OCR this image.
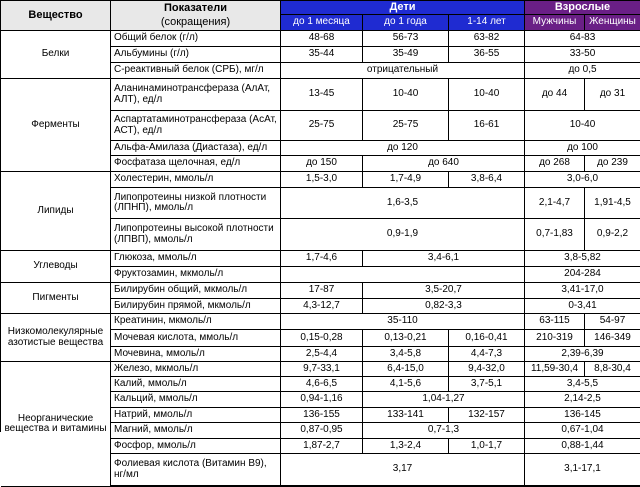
Вещество
Показатели
(сокращения)
Дети	Взрослые
до 1 месяца	до 1 года	1-14 лет	Мужчины	Женщины
Белки
Общий белок (г/л)	48-68	56-73	63-82	64-83
Альбумины (г/л)	35-44	35-49	36-55	33-50
С-реактивный белок (СРБ), мг/л	отрицательный	до 0,5
Ферменты
Аланинаминотрансфераза (АлАт, АЛТ), ед/л	13-45	10-40	10-40	до 44	до 31
Аспартатаминотрансфераза (АсАт, АСТ), ед/л	25-75	25-75	16-61	10-40
Альфа-Амилаза (Диастаза), ед/л	до 120	до 100
Фосфатаза щелочная, ед/л	до 150	до 640	до 268	до 239
Липиды
Холестерин, ммоль/л	1,5-3,0	1,7-4,9	3,8-6,4	3,0-6,0
Липопротеины низкой плотности (ЛПНП), ммоль/л	1,6-3,5	2,1-4,7	1,91-4,5
Липопротеины высокой плотности (ЛПВП), ммоль/л	0,9-1,9	0,7-1,83	0,9-2,2
Углеводы
Глюкоза, ммоль/л	1,7-4,6	3,4-6,1	3,8-5,82
Фруктозамин, мкмоль/л	204-284
Пигменты
Билирубин общий, мкмоль/л	17-87	3,5-20,7	3,41-17,0
Билирубин прямой, мкмоль/л	4,3-12,7	0,82-3,3	0-3,41
Низкомолекулярные азотистые вещества
Креатинин, мкмоль/л	35-110	63-115	54-97
Мочевая кислота, ммоль/л	0,15-0,28	0,13-0,21	0,16-0,41	210-319	146-349
Мочевина, ммоль/л	2,5-4,4	3,4-5,8	4,4-7,3	2,39-6,39
Неорганические вещества и витамины
Железо, мкмоль/л	9,7-33,1	6,4-15,0	9,4-32,0	11,59-30,4	8,8-30,4
Калий, ммоль/л	4,6-6,5	4,1-5,6	3,7-5,1	3,4-5,5
Кальций, ммоль/л	0,94-1,16	1,04-1,27	2,14-2,5
Натрий, ммоль/л	136-155	133-141	132-157	136-145
Магний, ммоль/л	0,87-0,95	0,7-1,3	0,67-1,04
Фосфор, ммоль/л	1,87-2,7	1,3-2,4	1,0-1,7	0,88-1,44
Фолиевая кислота (Витамин В9), нг/мл	3,17	3,1-17,1
